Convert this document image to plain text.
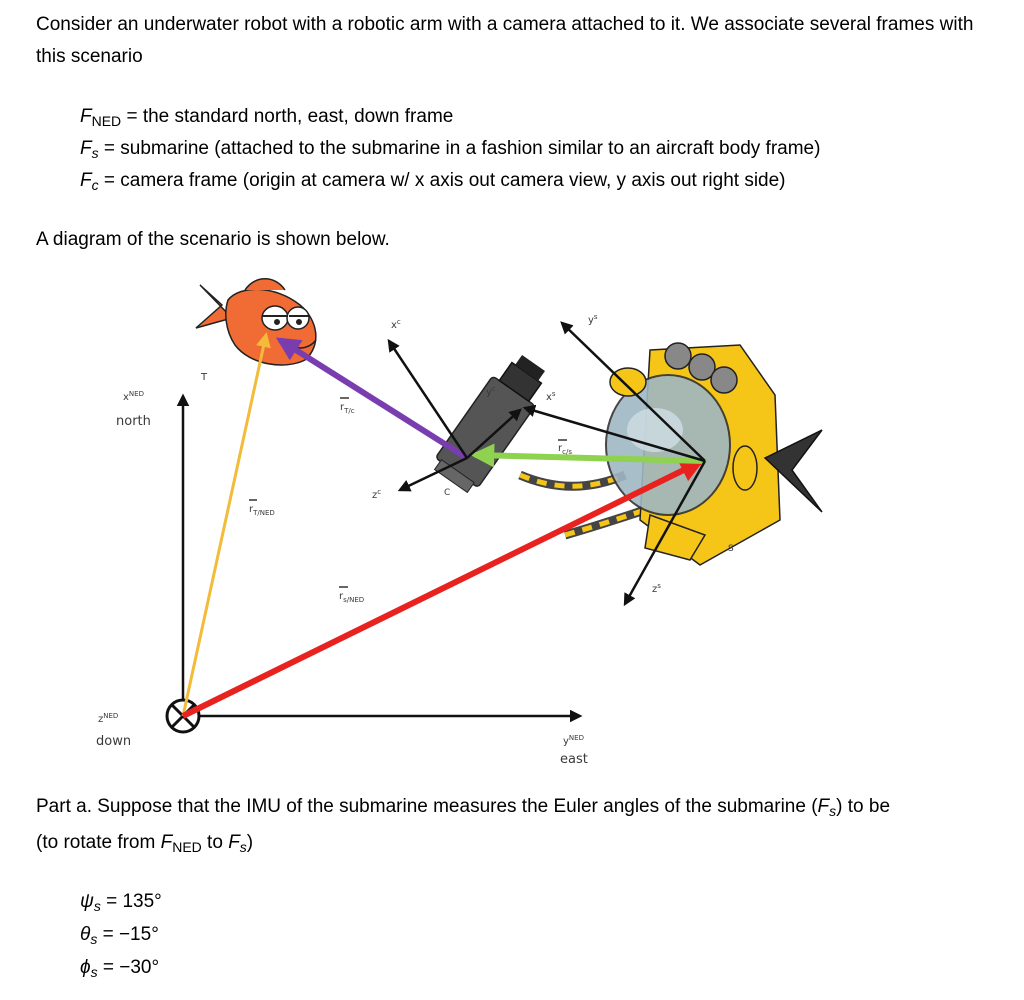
Consider an underwater robot with a robotic arm with a camera attached to it. We associate several frames with this scenario

$F_{NED}$ = the standard north, east, down frame

$F_s$ = submarine (attached to the submarine in a fashion similar to an aircraft body frame)

$F_c$ = camera frame (origin at camera w/ x axis out camera view, y axis out right side)

A diagram of the scenario is shown below.

$x^{NED}$
north
$z^{NED}$
down	$y^{NED}$
east
T
C
S
$r_{T/NED}$
$r_{T/c}$
$r_{c/s}$
$r_{s/NED}$
$x^c$
$y^c$
$z^c$
$x^s$
$y^s$
$z^s$

Part a. Suppose that the IMU of the submarine measures the Euler angles of the submarine $(F_s)$ to be
(to rotate from $F_{NED}$ to $F_s$)

$\psi_s = 135^\circ$

$\theta_s = -15^\circ$

$\phi_s = -30^\circ$
